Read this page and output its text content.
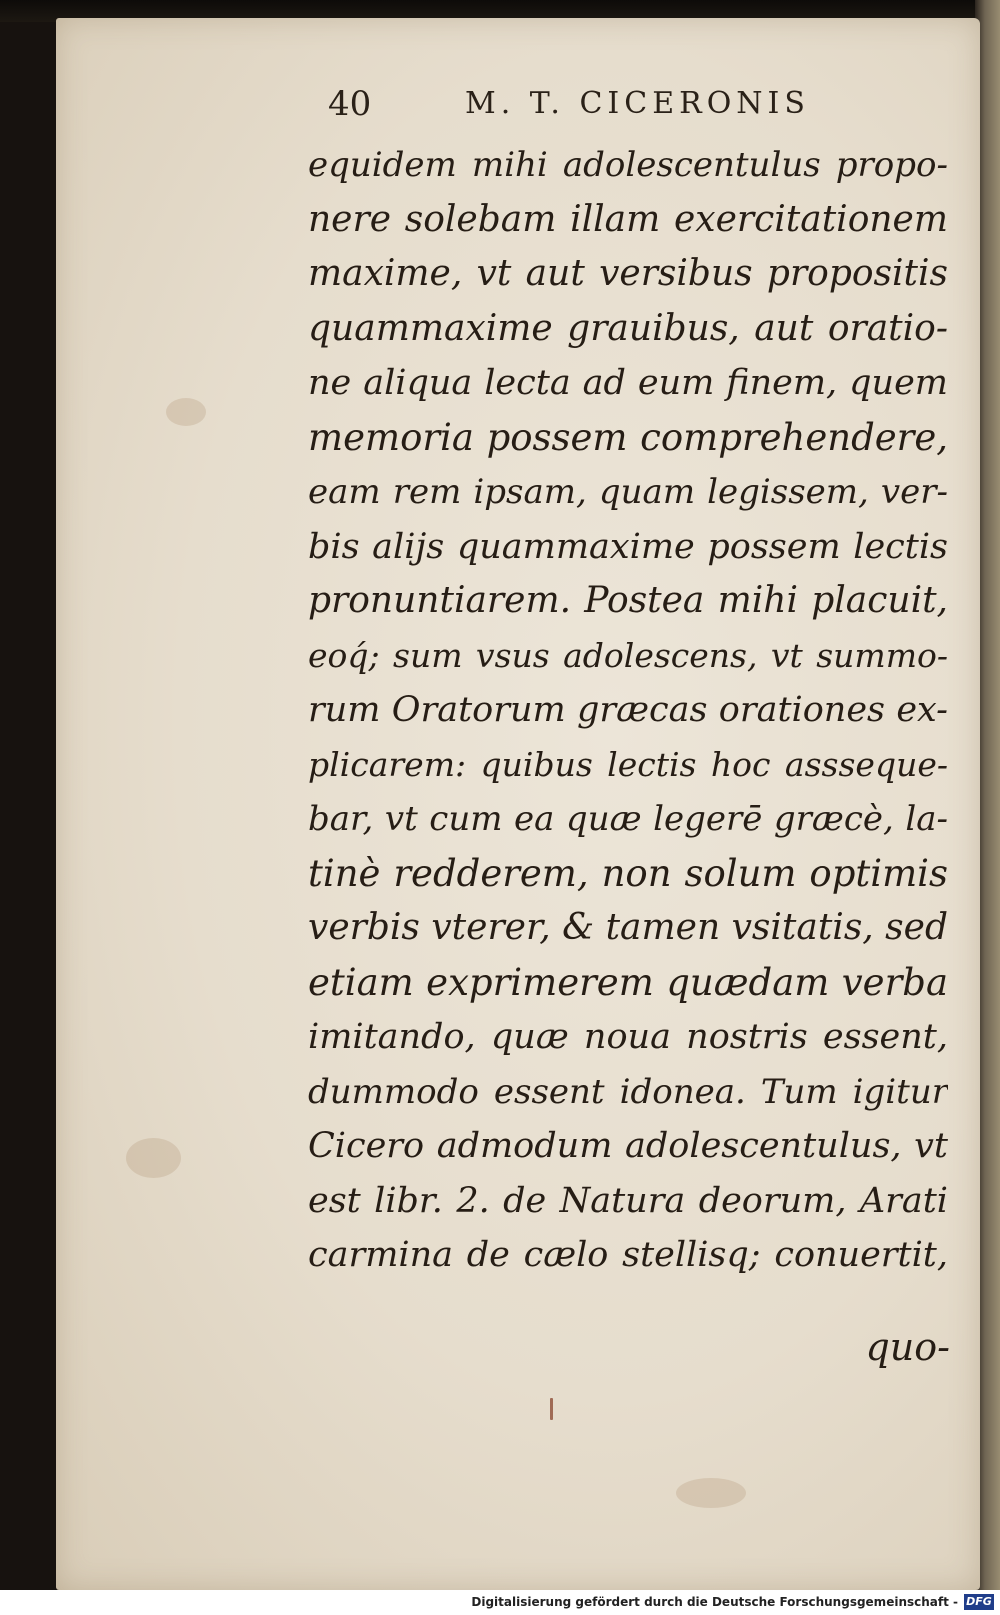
40	M. T. CICERONIS
equidem mihi adolescentulus propo-
nere solebam illam exercitationem
maxime, vt aut versibus propositis
quammaxime grauibus, aut oratio-
ne aliqua lecta ad eum finem, quem
memoria possem comprehendere,
eam rem ipsam, quam legissem, ver-
bis alijs quammaxime possem lectis
pronuntiarem. Postea mihi placuit,
eoq́; sum vsus adolescens, vt summo-
rum Oratorum græcas orationes ex-
plicarem: quibus lectis hoc assseque-
bar, vt cum ea quæ legerē græcè, la-
tinè redderem, non solum optimis
verbis vterer, & tamen vsitatis, sed
etiam exprimerem quædam verba
imitando, quæ noua nostris essent,
dummodo essent idonea. Tum igitur
Cicero admodum adolescentulus, vt
est libr. 2. de Natura deorum, Arati
carmina de cælo stellisq; conuertit,
quo-
Digitalisierung gefördert durch die Deutsche Forschungsgemeinschaft - DFG
